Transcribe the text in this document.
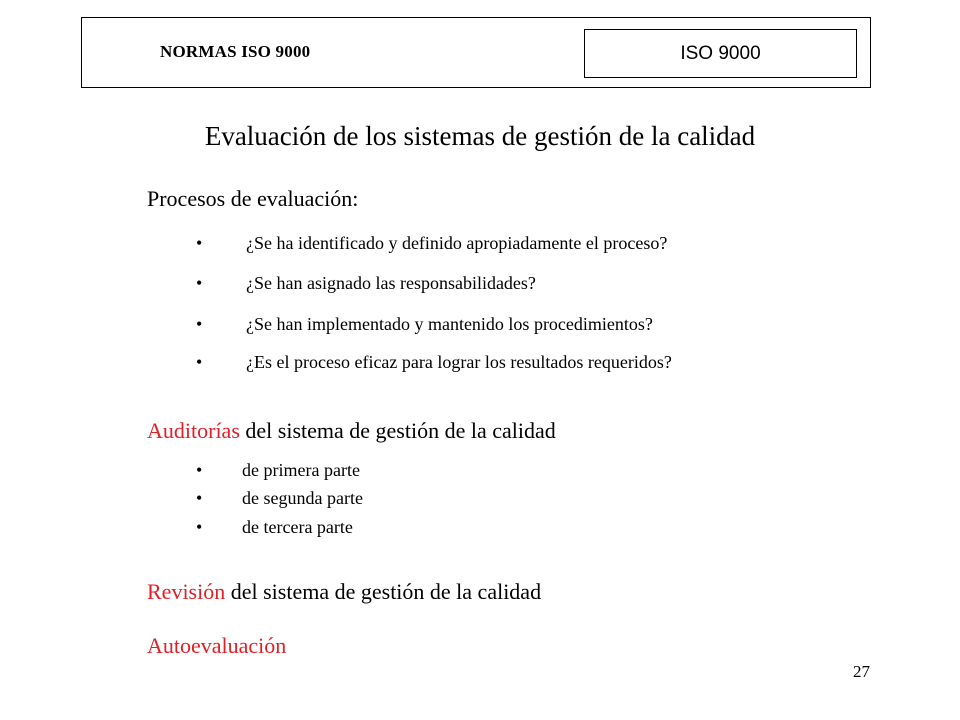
NORMAS ISO 9000	ISO 9000
Evaluación de los sistemas de gestión de la calidad
Procesos de evaluación:
• ¿Se ha identificado y definido apropiadamente el proceso?
• ¿Se han asignado las responsabilidades?
• ¿Se han implementado y mantenido los procedimientos?
• ¿Es el proceso eficaz para lograr los resultados requeridos?
Auditorías del sistema de gestión de la calidad
• de primera parte
• de segunda parte
• de tercera parte
Revisión del sistema de gestión de la calidad
Autoevaluación
27
